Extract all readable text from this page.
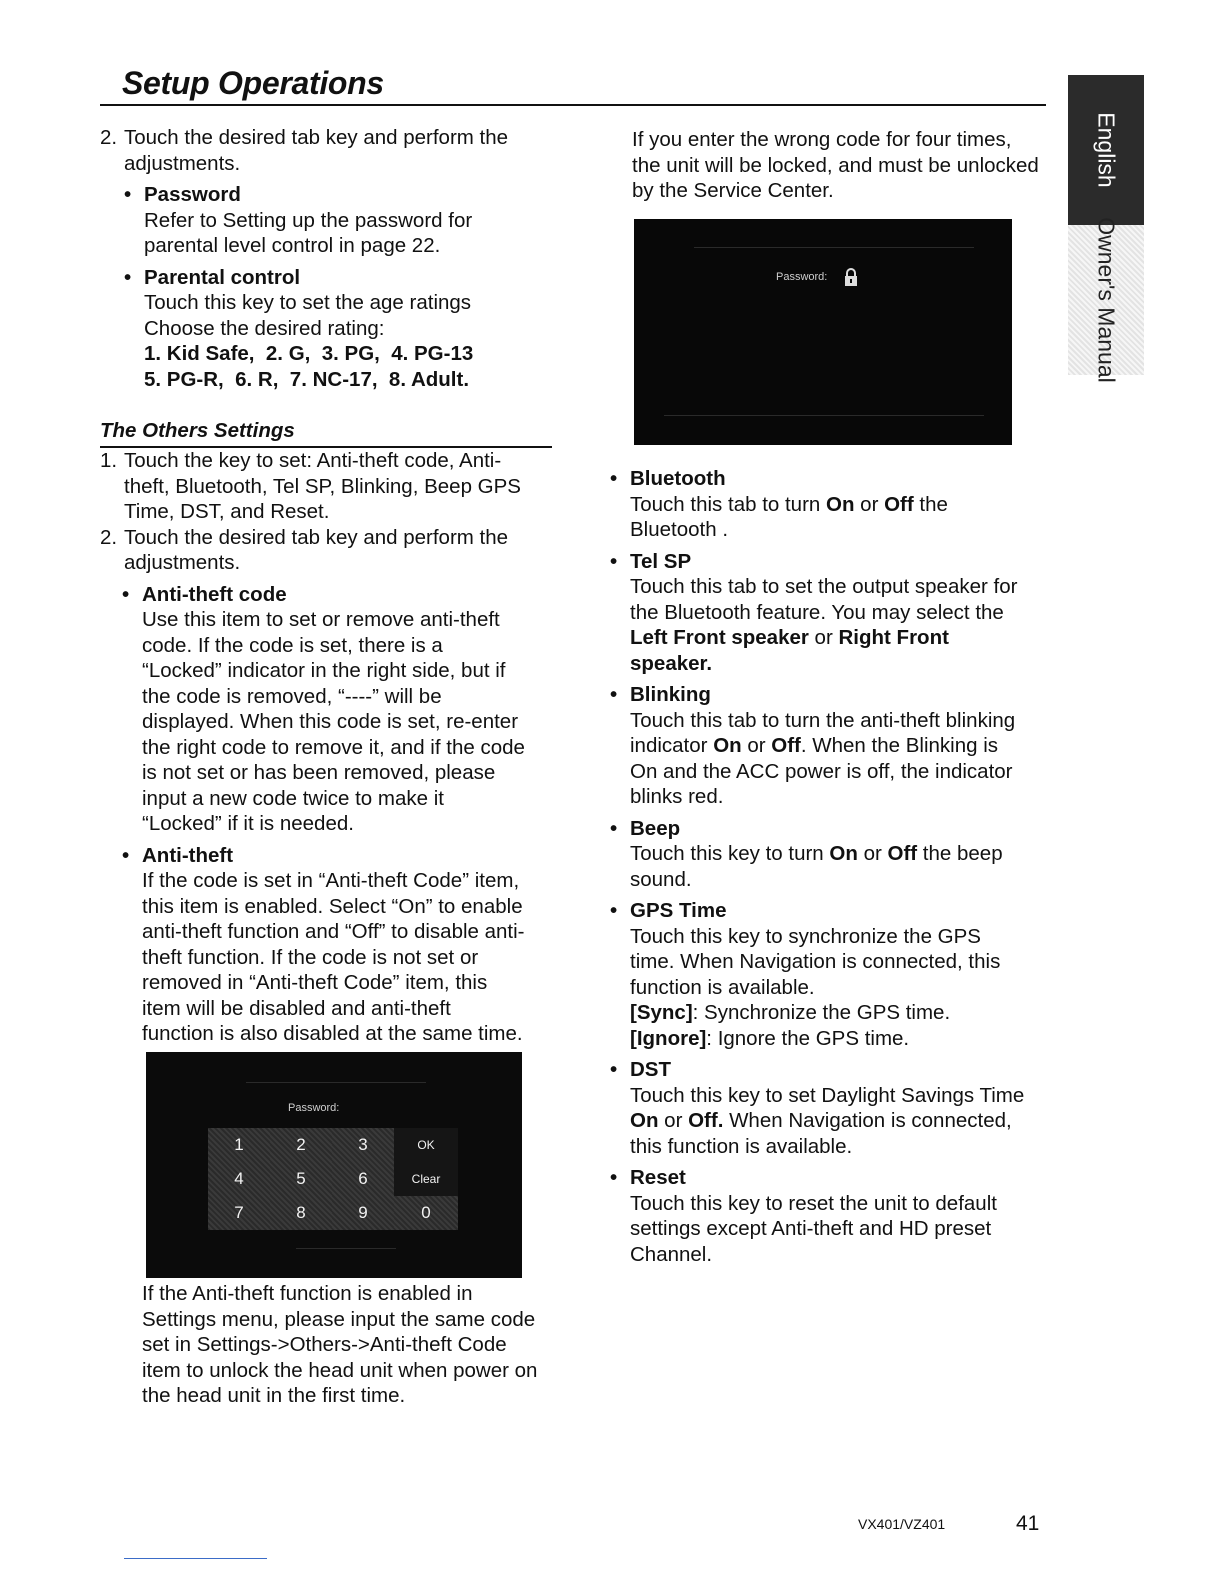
Setup Operations
English
Owner's Manual
2. Touch the desired tab key and perform the adjustments.
• Password
Refer to Setting up the password for parental level control in page 22.
• Parental control
Touch this key to set the age ratings
Choose the desired rating:
1. Kid Safe,  2. G,  3. PG,  4. PG-13
5. PG-R,  6. R,  7. NC-17,  8. Adult.
The Others Settings
1. Touch the key to set: Anti-theft code, Anti-theft, Bluetooth, Tel SP, Blinking, Beep GPS Time, DST, and Reset.
2. Touch the desired tab key and perform the adjustments.
• Anti-theft code
Use this item to set or remove anti-theft code. If the code is set, there is a “Locked” indicator in the right side, but if the code is removed, “----” will be displayed. When this code is set, re-enter the right code to remove it, and if the code is not set or has been removed, please input a new code twice to make it “Locked” if it is needed.
• Anti-theft
If the code is set in “Anti-theft Code” item, this item is enabled. Select “On” to enable anti-theft function and “Off” to disable anti-theft function. If the code is not set or removed in “Anti-theft Code” item, this item will be disabled and anti-theft function is also disabled at the same time.
Password:
1	2	3	OK
4	5	6	Clear
7	8	9	0
If the Anti-theft function is enabled in Settings menu, please input the same code set in Settings->Others->Anti-theft Code item to unlock the head unit when power on the head unit in the first time.
If you enter the wrong code for four times, the unit will be locked, and must be unlocked by the Service Center.
Password:
• Bluetooth
Touch this tab to turn On or Off the Bluetooth .
• Tel SP
Touch this tab to set the output speaker for the Bluetooth feature. You may select the Left Front speaker or Right Front speaker.
• Blinking
Touch this tab to turn the anti-theft blinking indicator On or Off. When the Blinking is On and the ACC power is off, the indicator blinks red.
• Beep
Touch this key to turn On or Off the beep sound.
• GPS Time
Touch this key to synchronize the GPS time. When Navigation is connected, this function is available.
[Sync]: Synchronize the GPS time.
[Ignore]: Ignore the GPS time.
• DST
Touch this key to set Daylight Savings Time On or Off. When Navigation is connected, this function is available.
• Reset
Touch this key to reset the unit to default settings except Anti-theft and HD preset Channel.
VX401/VZ401	41
